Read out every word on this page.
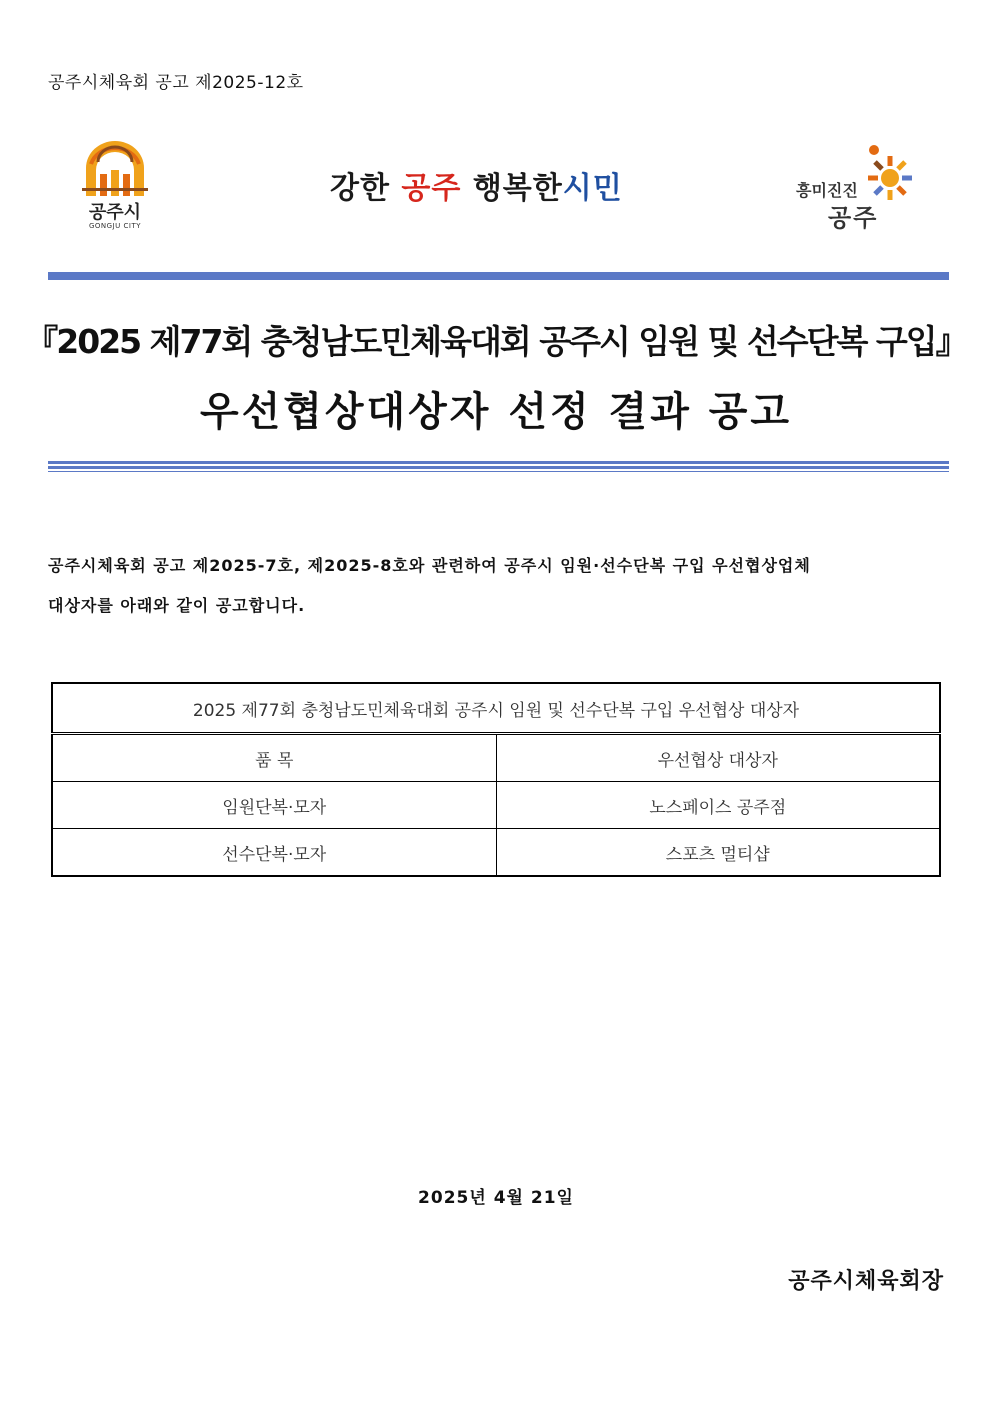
공주시체육회 공고 제2025-12호
공주시
GONGJU CITY
강한 공주 행복한시민	흥미진진
공주
『2025 제77회 충청남도민체육대회 공주시 임원 및 선수단복 구입』
우선협상대상자 선정 결과 공고
공주시체육회 공고 제2025-7호, 제2025-8호와 관련하여 공주시 임원·선수단복 구입 우선협상업체
대상자를 아래와 같이 공고합니다.
2025 제77회 충청남도민체육대회 공주시 임원 및 선수단복 구입 우선협상 대상자	
품 목	우선협상 대상자
임원단복·모자	노스페이스 공주점
선수단복·모자	스포츠 멀티샵
2025년 4월 21일
공주시체육회장
